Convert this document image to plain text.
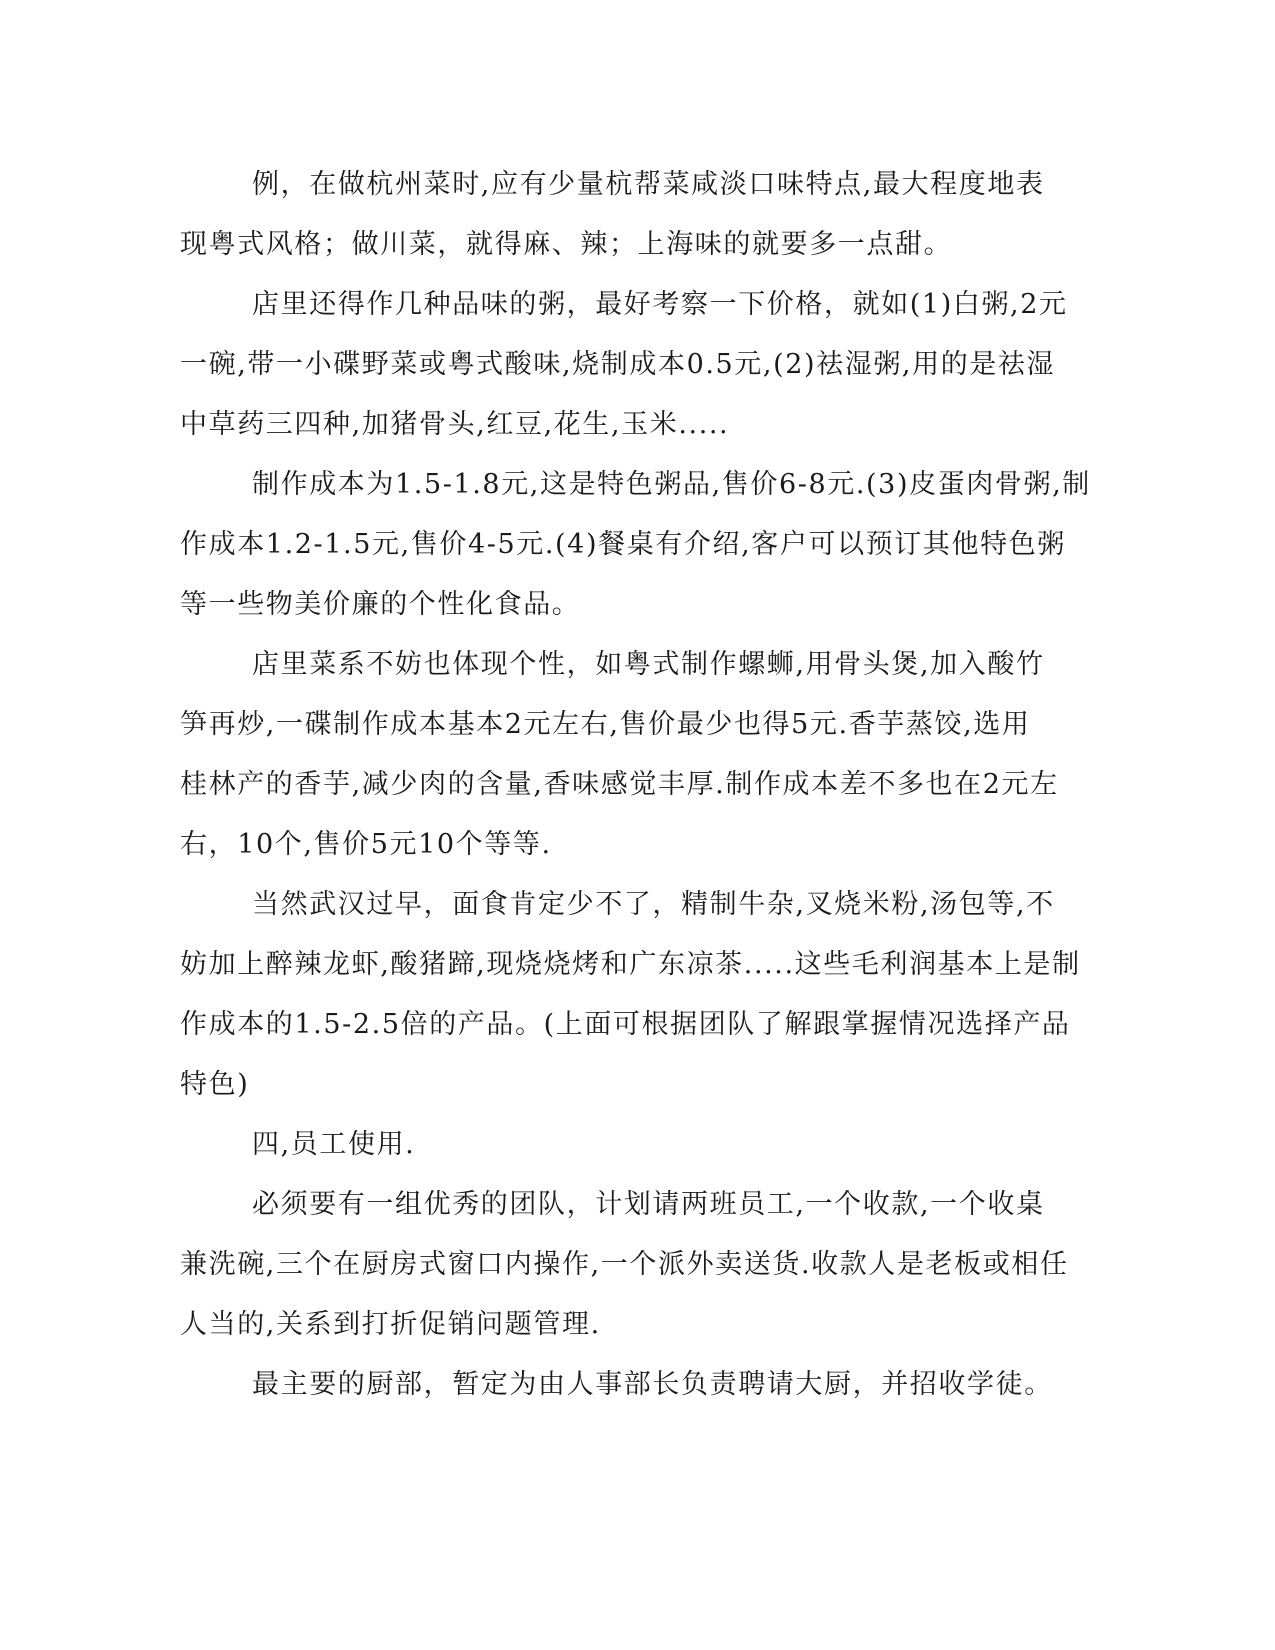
例，在做杭州菜时,应有少量杭帮菜咸淡口味特点,最大程度地表
现粤式风格；做川菜，就得麻、辣；上海味的就要多一点甜。
店里还得作几种品味的粥，最好考察一下价格，就如(1)白粥,2元
一碗,带一小碟野菜或粤式酸味,烧制成本0.5元,(2)祛湿粥,用的是祛湿
中草药三四种,加猪骨头,红豆,花生,玉米.....
制作成本为1.5-1.8元,这是特色粥品,售价6-8元.(3)皮蛋肉骨粥,制
作成本1.2-1.5元,售价4-5元.(4)餐桌有介绍,客户可以预订其他特色粥
等一些物美价廉的个性化食品。
店里菜系不妨也体现个性，如粤式制作螺蛳,用骨头煲,加入酸竹
笋再炒,一碟制作成本基本2元左右,售价最少也得5元.香芋蒸饺,选用
桂林产的香芋,减少肉的含量,香味感觉丰厚.制作成本差不多也在2元左
右，10个,售价5元10个等等.
当然武汉过早，面食肯定少不了，精制牛杂,叉烧米粉,汤包等,不
妨加上醉辣龙虾,酸猪蹄,现烧烧烤和广东凉茶.....这些毛利润基本上是制
作成本的1.5-2.5倍的产品。(上面可根据团队了解跟掌握情况选择产品
特色)
四,员工使用.
必须要有一组优秀的团队，计划请两班员工,一个收款,一个收桌
兼洗碗,三个在厨房式窗口内操作,一个派外卖送货.收款人是老板或相任
人当的,关系到打折促销问题管理.
最主要的厨部，暂定为由人事部长负责聘请大厨，并招收学徒。
